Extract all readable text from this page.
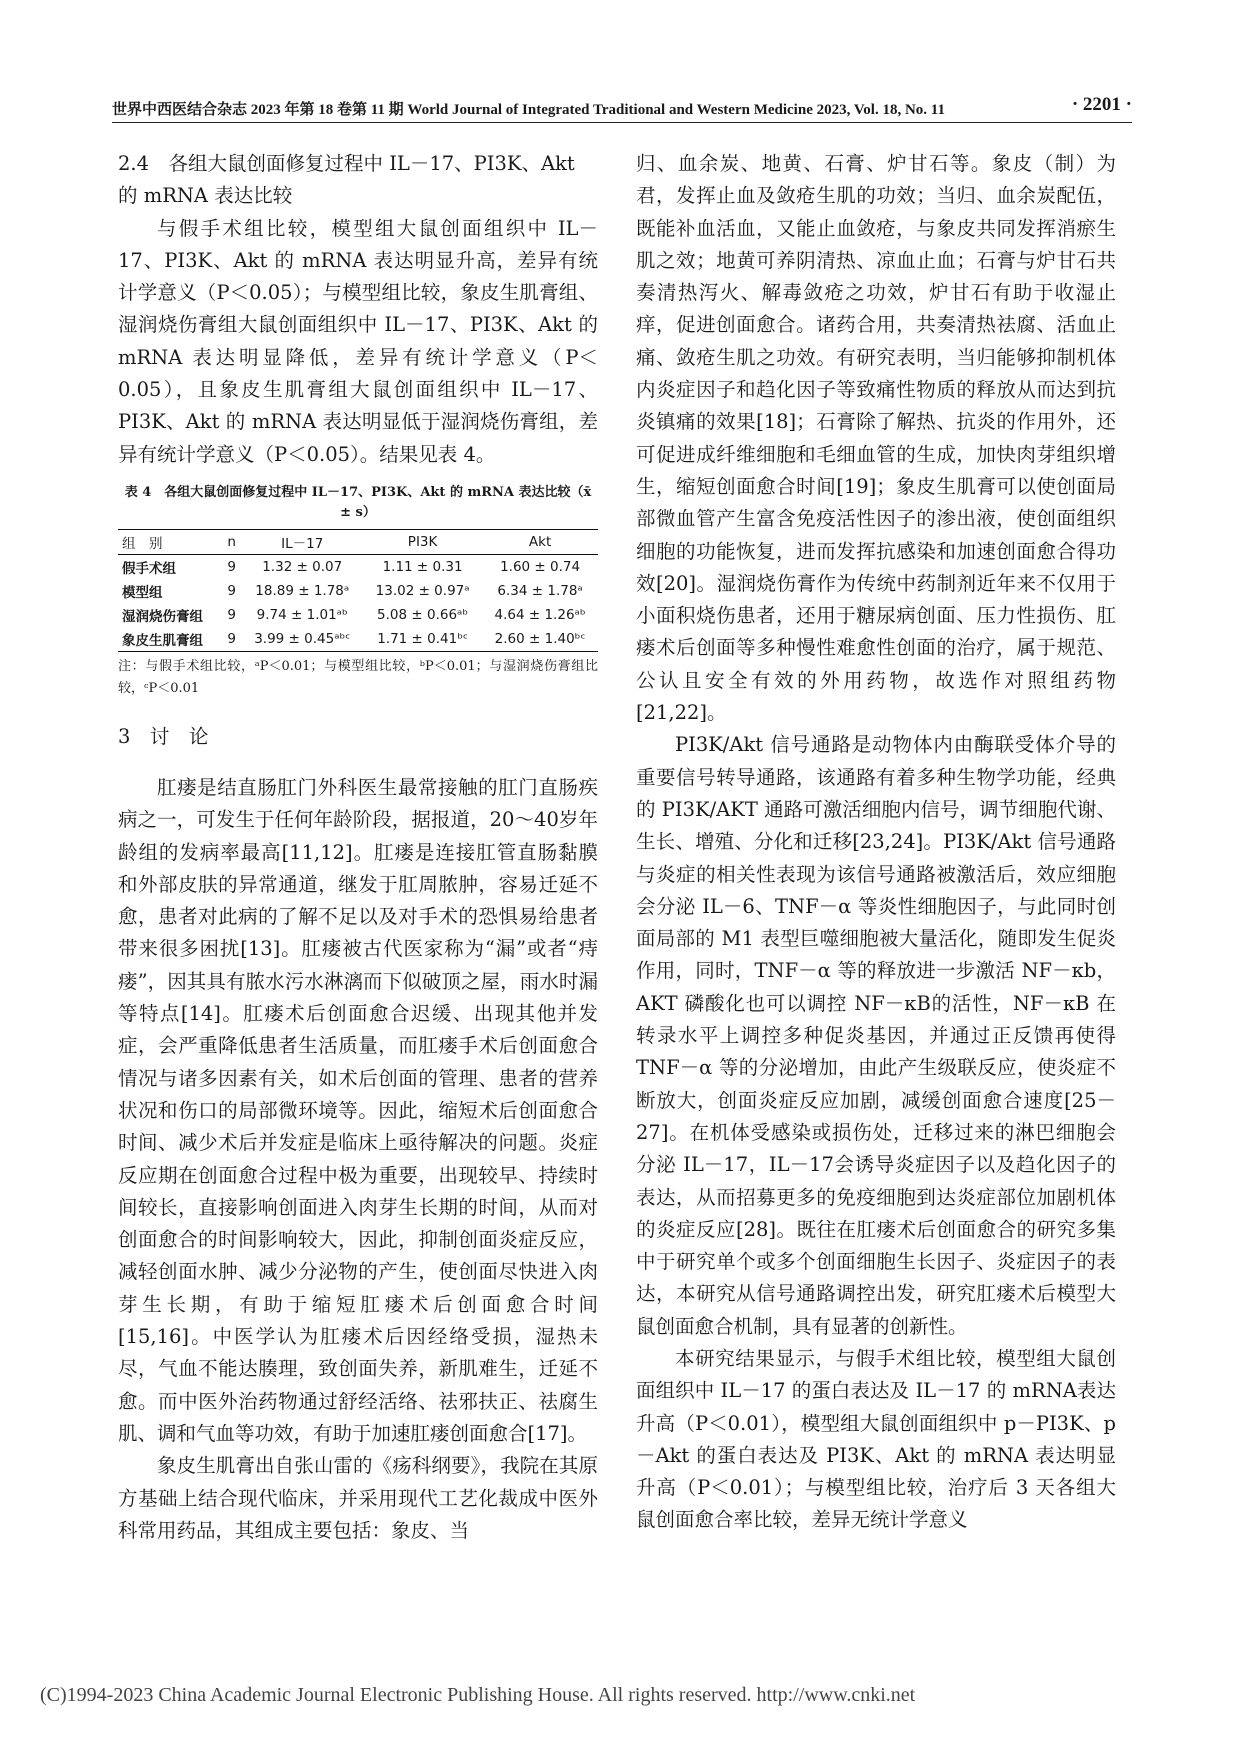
世界中西医结合杂志 2023 年第 18 卷第 11 期 World Journal of Integrated Traditional and Western Medicine 2023, Vol. 18, No. 11	· 2201 ·
2.4　各组大鼠创面修复过程中 IL－17、PI3K、Akt 的 mRNA 表达比较

与假手术组比较，模型组大鼠创面组织中 IL－17、PI3K、Akt 的 mRNA 表达明显升高，差异有统计学意义（P＜0.05）；与模型组比较，象皮生肌膏组、湿润烧伤膏组大鼠创面组织中 IL－17、PI3K、Akt 的 mRNA 表达明显降低，差异有统计学意义（P＜0.05），且象皮生肌膏组大鼠创面组织中 IL－17、PI3K、Akt 的 mRNA 表达明显低于湿润烧伤膏组，差异有统计学意义（P＜0.05）。结果见表 4。

表 4　各组大鼠创面修复过程中 IL－17、PI3K、Akt 的 mRNA 表达比较（x̄ ± s）
组　别	n	IL－17	PI3K	Akt
假手术组	9	1.32 ± 0.07	1.11 ± 0.31	1.60 ± 0.74
模型组	9	18.89 ± 1.78ᵃ	13.02 ± 0.97ᵃ	6.34 ± 1.78ᵃ
湿润烧伤膏组	9	9.74 ± 1.01ᵃᵇ	5.08 ± 0.66ᵃᵇ	4.64 ± 1.26ᵃᵇ
象皮生肌膏组	9	3.99 ± 0.45ᵃᵇᶜ	1.71 ± 0.41ᵇᶜ	2.60 ± 1.40ᵇᶜ
注：与假手术组比较，ᵃP＜0.01；与模型组比较，ᵇP＜0.01；与湿润烧伤膏组比较，ᶜP＜0.01
3　讨　论

肛瘘是结直肠肛门外科医生最常接触的肛门直肠疾病之一，可发生于任何年龄阶段，据报道，20～40岁年龄组的发病率最高[11,12]。肛瘘是连接肛管直肠黏膜和外部皮肤的异常通道，继发于肛周脓肿，容易迁延不愈，患者对此病的了解不足以及对手术的恐惧易给患者带来很多困扰[13]。肛瘘被古代医家称为“漏”或者“痔瘘”，因其具有脓水污水淋漓而下似破顶之屋，雨水时漏等特点[14]。肛瘘术后创面愈合迟缓、出现其他并发症，会严重降低患者生活质量，而肛瘘手术后创面愈合情况与诸多因素有关，如术后创面的管理、患者的营养状况和伤口的局部微环境等。因此，缩短术后创面愈合时间、减少术后并发症是临床上亟待解决的问题。炎症反应期在创面愈合过程中极为重要，出现较早、持续时间较长，直接影响创面进入肉芽生长期的时间，从而对创面愈合的时间影响较大，因此，抑制创面炎症反应，减轻创面水肿、减少分泌物的产生，使创面尽快进入肉芽生长期，有助于缩短肛瘘术后创面愈合时间[15,16]。中医学认为肛瘘术后因经络受损，湿热未尽，气血不能达腠理，致创面失养，新肌难生，迁延不愈。而中医外治药物通过舒经活络、祛邪扶正、祛腐生肌、调和气血等功效，有助于加速肛瘘创面愈合[17]。

象皮生肌膏出自张山雷的《疡科纲要》，我院在其原方基础上结合现代临床，并采用现代工艺化裁成中医外科常用药品，其组成主要包括：象皮、当

归、血余炭、地黄、石膏、炉甘石等。象皮（制）为君，发挥止血及敛疮生肌的功效；当归、血余炭配伍，既能补血活血，又能止血敛疮，与象皮共同发挥消瘀生肌之效；地黄可养阴清热、凉血止血；石膏与炉甘石共奏清热泻火、解毒敛疮之功效，炉甘石有助于收湿止痒，促进创面愈合。诸药合用，共奏清热祛腐、活血止痛、敛疮生肌之功效。有研究表明，当归能够抑制机体内炎症因子和趋化因子等致痛性物质的释放从而达到抗炎镇痛的效果[18]；石膏除了解热、抗炎的作用外，还可促进成纤维细胞和毛细血管的生成，加快肉芽组织增生，缩短创面愈合时间[19]；象皮生肌膏可以使创面局部微血管产生富含免疫活性因子的渗出液，使创面组织细胞的功能恢复，进而发挥抗感染和加速创面愈合得功效[20]。湿润烧伤膏作为传统中药制剂近年来不仅用于小面积烧伤患者，还用于糖尿病创面、压力性损伤、肛瘘术后创面等多种慢性难愈性创面的治疗，属于规范、公认且安全有效的外用药物，故选作对照组药物[21,22]。

PI3K/Akt 信号通路是动物体内由酶联受体介导的重要信号转导通路，该通路有着多种生物学功能，经典的 PI3K/AKT 通路可激活细胞内信号，调节细胞代谢、生长、增殖、分化和迁移[23,24]。PI3K/Akt 信号通路与炎症的相关性表现为该信号通路被激活后，效应细胞会分泌 IL－6、TNF－α 等炎性细胞因子，与此同时创面局部的 M1 表型巨噬细胞被大量活化，随即发生促炎作用，同时，TNF－α 等的释放进一步激活 NF－κb，AKT 磷酸化也可以调控 NF－κB的活性，NF－κB 在转录水平上调控多种促炎基因，并通过正反馈再使得 TNF－α 等的分泌增加，由此产生级联反应，使炎症不断放大，创面炎症反应加剧，减缓创面愈合速度[25－27]。在机体受感染或损伤处，迁移过来的淋巴细胞会分泌 IL－17，IL－17会诱导炎症因子以及趋化因子的表达，从而招募更多的免疫细胞到达炎症部位加剧机体的炎症反应[28]。既往在肛瘘术后创面愈合的研究多集中于研究单个或多个创面细胞生长因子、炎症因子的表达，本研究从信号通路调控出发，研究肛瘘术后模型大鼠创面愈合机制，具有显著的创新性。

本研究结果显示，与假手术组比较，模型组大鼠创面组织中 IL－17 的蛋白表达及 IL－17 的 mRNA表达升高（P＜0.01），模型组大鼠创面组织中 p－PI3K、p－Akt 的蛋白表达及 PI3K、Akt 的 mRNA 表达明显升高（P＜0.01）；与模型组比较，治疗后 3 天各组大鼠创面愈合率比较，差异无统计学意义

(C)1994-2023 China Academic Journal Electronic Publishing House. All rights reserved. http://www.cnki.net
